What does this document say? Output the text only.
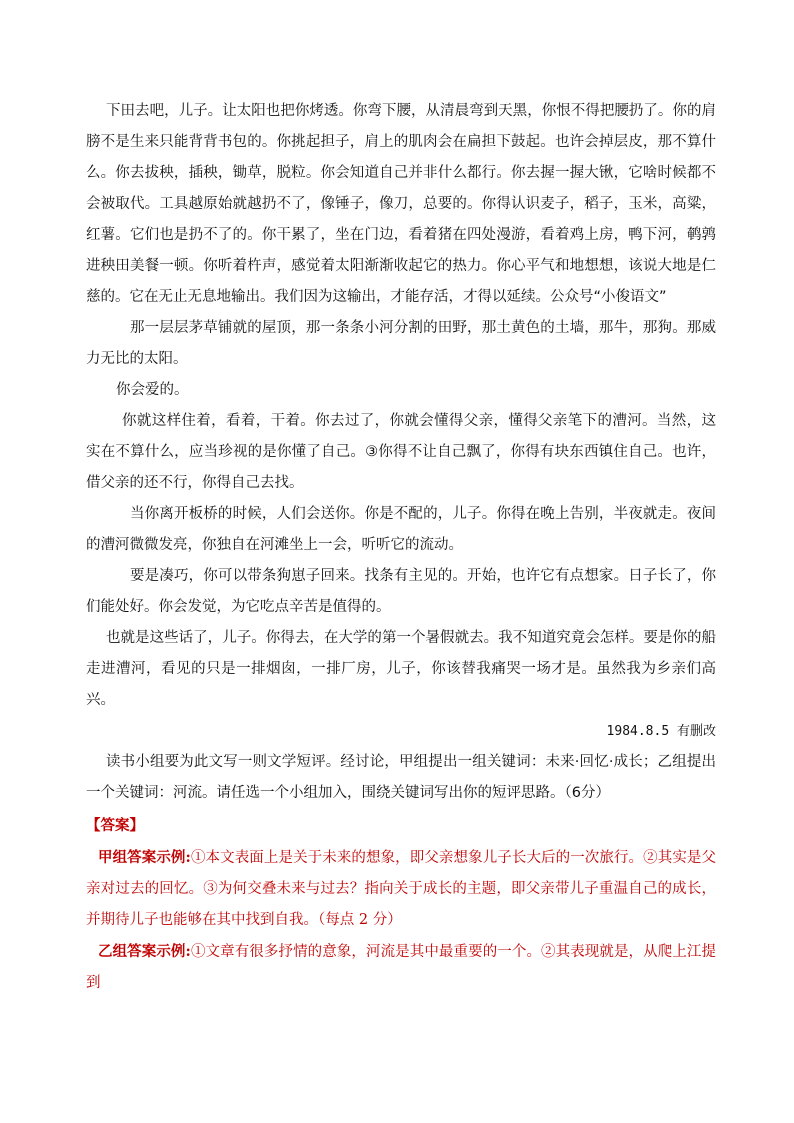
下田去吧，儿子。让太阳也把你烤透。你弯下腰，从清晨弯到天黑，你恨不得把腰扔了。你的肩膀不是生来只能背背书包的。你挑起担子，肩上的肌肉会在扁担下鼓起。也许会掉层皮，那不算什么。你去拔秧，插秧，锄草，脱粒。你会知道自己并非什么都行。你去握一握大锹，它啥时候都不会被取代。工具越原始就越扔不了，像锤子，像刀，总要的。你得认识麦子，稻子，玉米，高粱，红薯。它们也是扔不了的。你干累了，坐在门边，看着猪在四处漫游，看着鸡上房，鸭下河，鹌鹑进秧田美餐一顿。你听着杵声，感觉着太阳渐渐收起它的热力。你心平气和地想想，该说大地是仁慈的。它在无止无息地输出。我们因为这输出，才能存活，才得以延续。公众号“小俊语文”

那一层层茅草铺就的屋顶，那一条条小河分割的田野，那土黄色的土墙，那牛，那狗。那威力无比的太阳。

你会爱的。

你就这样住着，看着，干着。你去过了，你就会懂得父亲，懂得父亲笔下的漕河。当然，这实在不算什么，应当珍视的是你懂了自己。③你得不让自己飘了，你得有块东西镇住自己。也许，借父亲的还不行，你得自己去找。

当你离开板桥的时候，人们会送你。你是不配的，儿子。你得在晚上告别，半夜就走。夜间的漕河微微发亮，你独自在河滩坐上一会，听听它的流动。

要是凑巧，你可以带条狗崽子回来。找条有主见的。开始，也许它有点想家。日子长了，你们能处好。你会发觉，为它吃点辛苦是值得的。

也就是这些话了，儿子。你得去，在大学的第一个暑假就去。我不知道究竟会怎样。要是你的船走进漕河，看见的只是一排烟囱，一排厂房，儿子，你该替我痛哭一场才是。虽然我为乡亲们高兴。

1984.8.5 有删改

读书小组要为此文写一则文学短评。经讨论，甲组提出一组关键词：未来·回忆·成长；乙组提出一个关键词：河流。请任选一个小组加入，围绕关键词写出你的短评思路。（6分）

【答案】

甲组答案示例:①本文表面上是关于未来的想象，即父亲想象儿子长大后的一次旅行。②其实是父亲对过去的回忆。③为何交叠未来与过去？指向关于成长的主题，即父亲带儿子重温自己的成长，并期待儿子也能够在其中找到自我。（每点 2 分）

乙组答案示例:①文章有很多抒情的意象，河流是其中最重要的一个。②其表现就是，从爬上江提到
